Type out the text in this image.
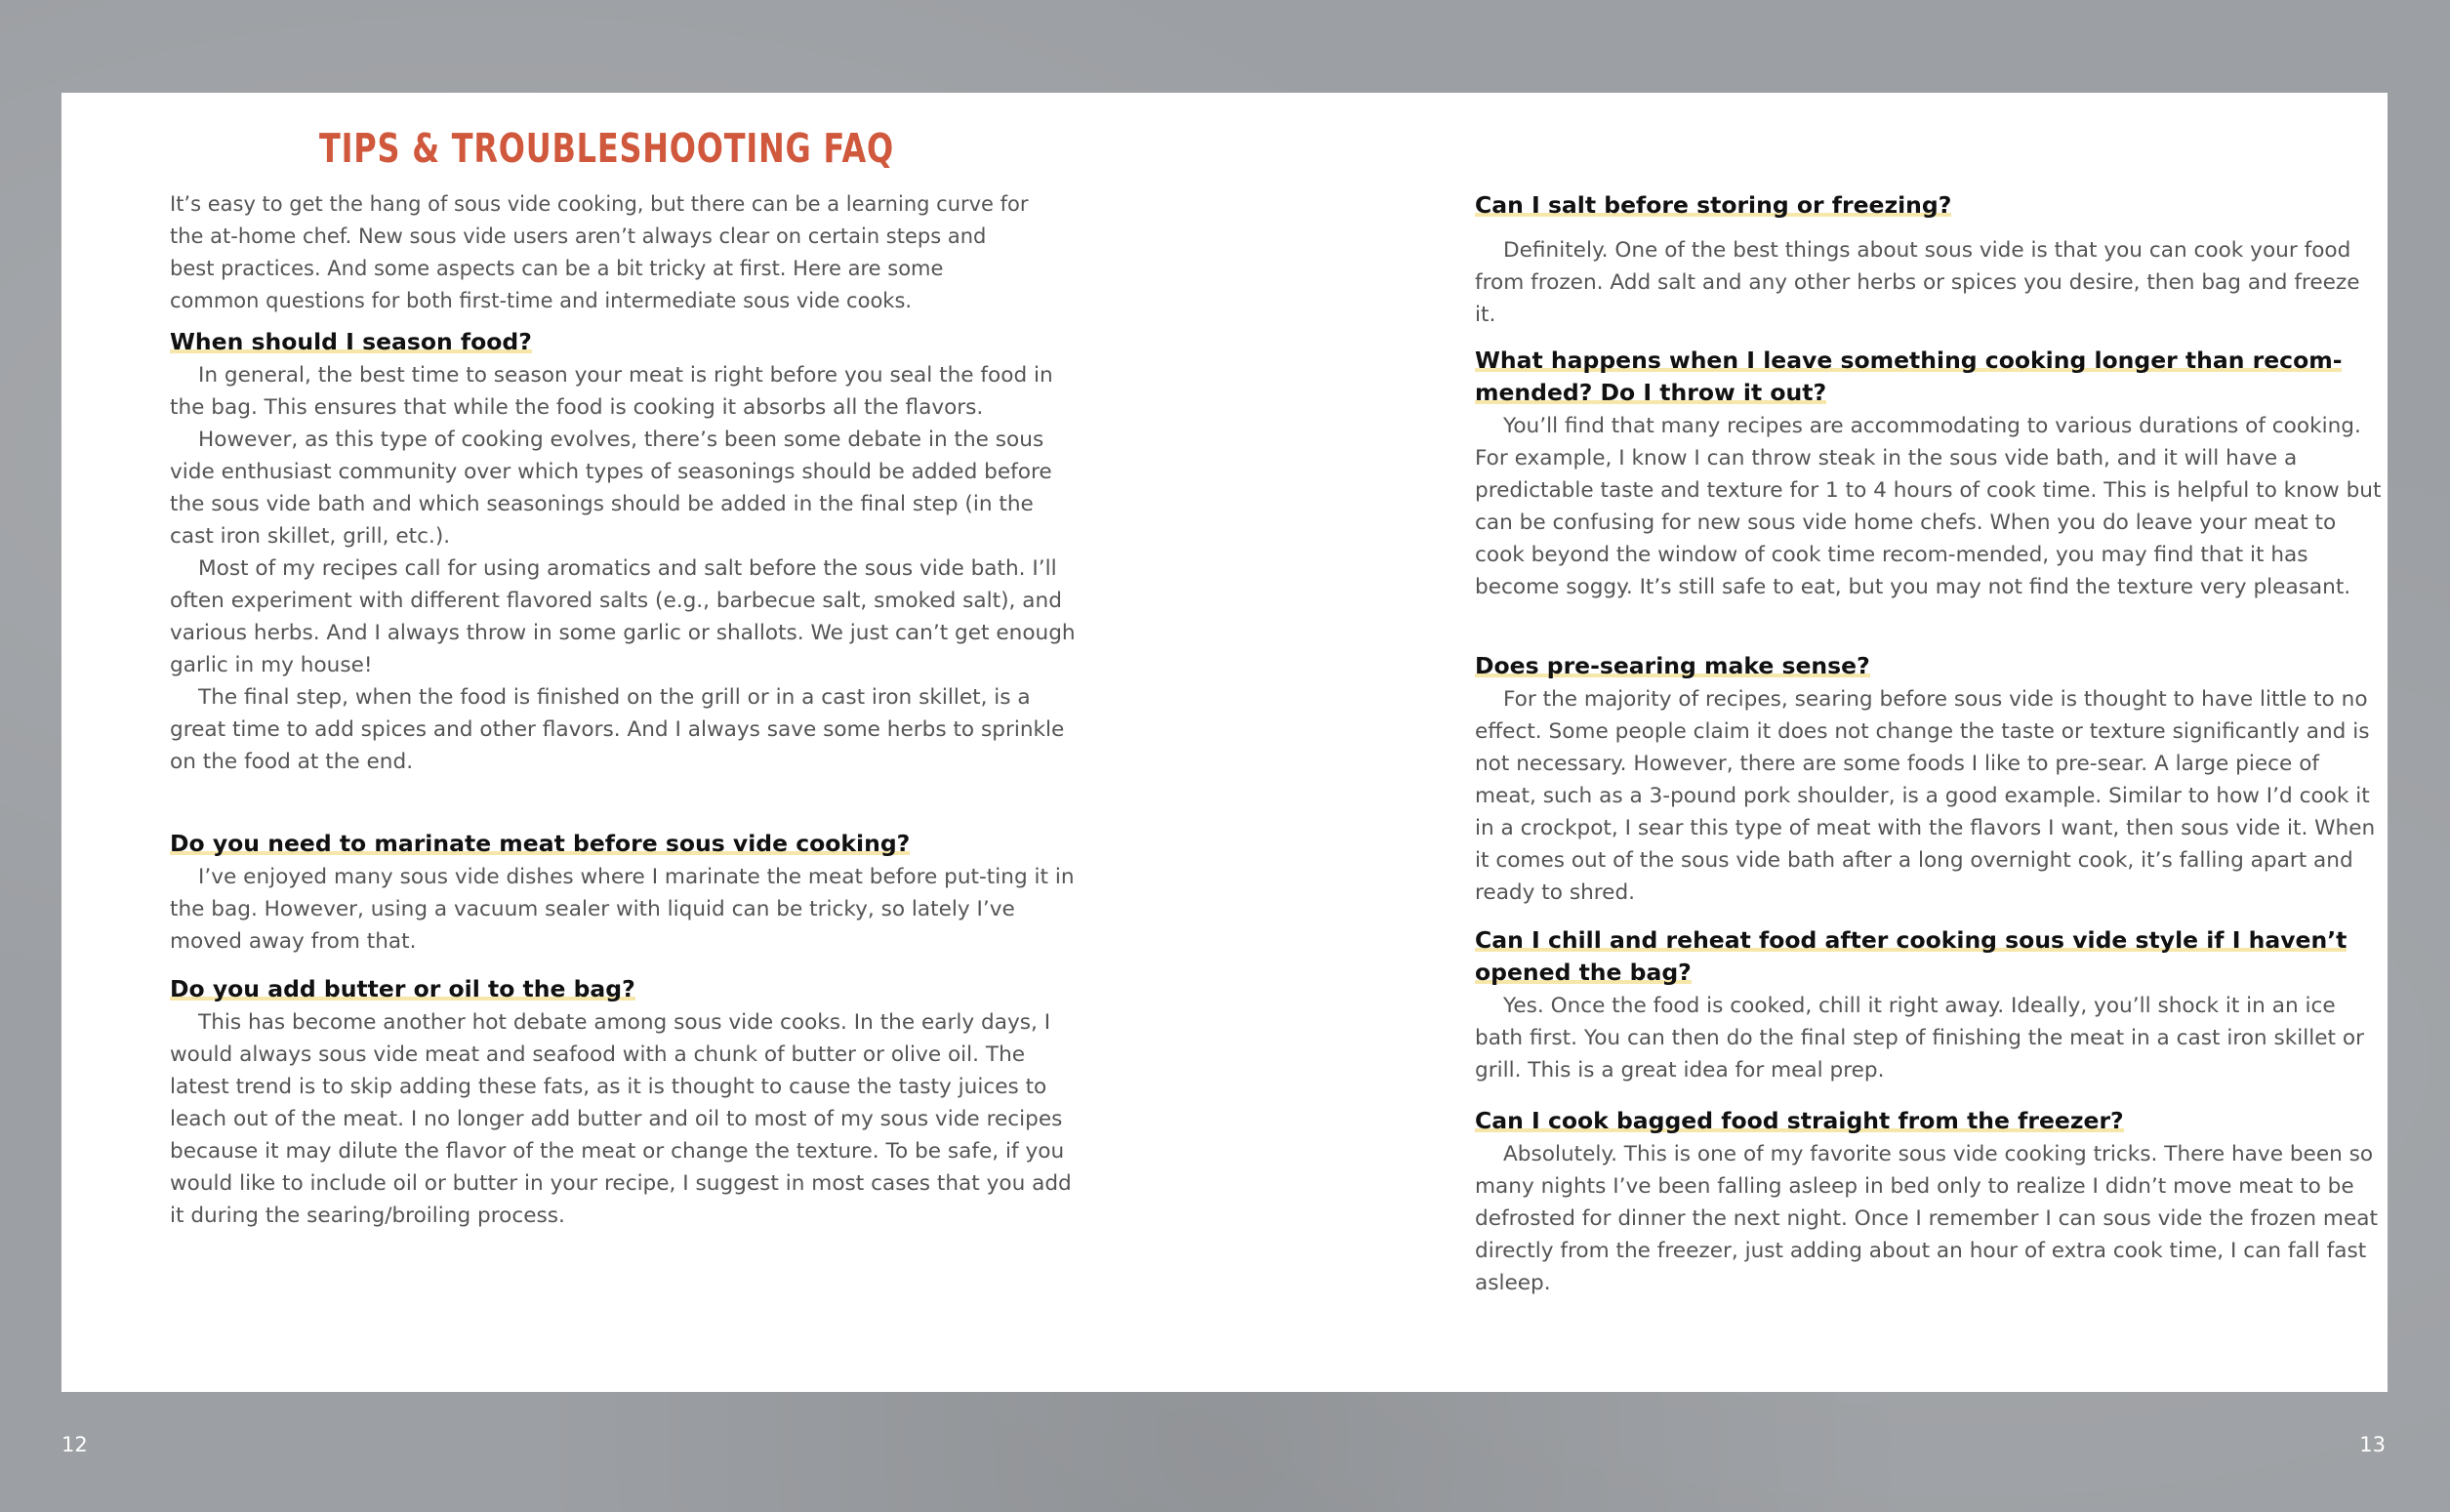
TIPS & TROUBLESHOOTING FAQ

It’s easy to get the hang of sous vide cooking, but there can be a learning curve for the at-home chef. New sous vide users aren’t always clear on certain steps and best practices. And some aspects can be a bit tricky at first. Here are some common questions for both first-time and intermediate sous vide cooks.

When should I season food?

In general, the best time to season your meat is right before you seal the food in the bag. This ensures that while the food is cooking it absorbs all the flavors.

However, as this type of cooking evolves, there’s been some debate in the sous vide enthusiast community over which types of seasonings should be added before the sous vide bath and which seasonings should be added in the final step (in the cast iron skillet, grill, etc.).

Most of my recipes call for using aromatics and salt before the sous vide bath. I’ll often experiment with different flavored salts (e.g., barbecue salt, smoked salt), and various herbs. And I always throw in some garlic or shallots. We just can’t get enough garlic in my house!

The final step, when the food is finished on the grill or in a cast iron skillet, is a great time to add spices and other flavors. And I always save some herbs to sprinkle on the food at the end.

Do you need to marinate meat before sous vide cooking?

I’ve enjoyed many sous vide dishes where I marinate the meat before put-ting it in the bag. However, using a vacuum sealer with liquid can be tricky, so lately I’ve moved away from that.

Do you add butter or oil to the bag?

This has become another hot debate among sous vide cooks. In the early days, I would always sous vide meat and seafood with a chunk of butter or olive oil. The latest trend is to skip adding these fats, as it is thought to cause the tasty juices to leach out of the meat. I no longer add butter and oil to most of my sous vide recipes because it may dilute the flavor of the meat or change the texture. To be safe, if you would like to include oil or butter in your recipe, I suggest in most cases that you add it during the searing/broiling process.

Can I salt before storing or freezing?

Definitely. One of the best things about sous vide is that you can cook your food from frozen. Add salt and any other herbs or spices you desire, then bag and freeze it.

What happens when I leave something cooking longer than recom-mended? Do I throw it out?

You’ll find that many recipes are accommodating to various durations of cooking. For example, I know I can throw steak in the sous vide bath, and it will have a predictable taste and texture for 1 to 4 hours of cook time. This is helpful to know but can be confusing for new sous vide home chefs. When you do leave your meat to cook beyond the window of cook time recom-mended, you may find that it has become soggy. It’s still safe to eat, but you may not find the texture very pleasant.

Does pre-searing make sense?

For the majority of recipes, searing before sous vide is thought to have little to no effect. Some people claim it does not change the taste or texture significantly and is not necessary. However, there are some foods I like to pre-sear. A large piece of meat, such as a 3-pound pork shoulder, is a good example. Similar to how I’d cook it in a crockpot, I sear this type of meat with the flavors I want, then sous vide it. When it comes out of the sous vide bath after a long overnight cook, it’s falling apart and ready to shred.

Can I chill and reheat food after cooking sous vide style if I haven’t opened the bag?

Yes. Once the food is cooked, chill it right away. Ideally, you’ll shock it in an ice bath first. You can then do the final step of finishing the meat in a cast iron skillet or grill. This is a great idea for meal prep.

Can I cook bagged food straight from the freezer?

Absolutely. This is one of my favorite sous vide cooking tricks. There have been so many nights I’ve been falling asleep in bed only to realize I didn’t move meat to be defrosted for dinner the next night. Once I remember I can sous vide the frozen meat directly from the freezer, just adding about an hour of extra cook time, I can fall fast asleep.

12	13
